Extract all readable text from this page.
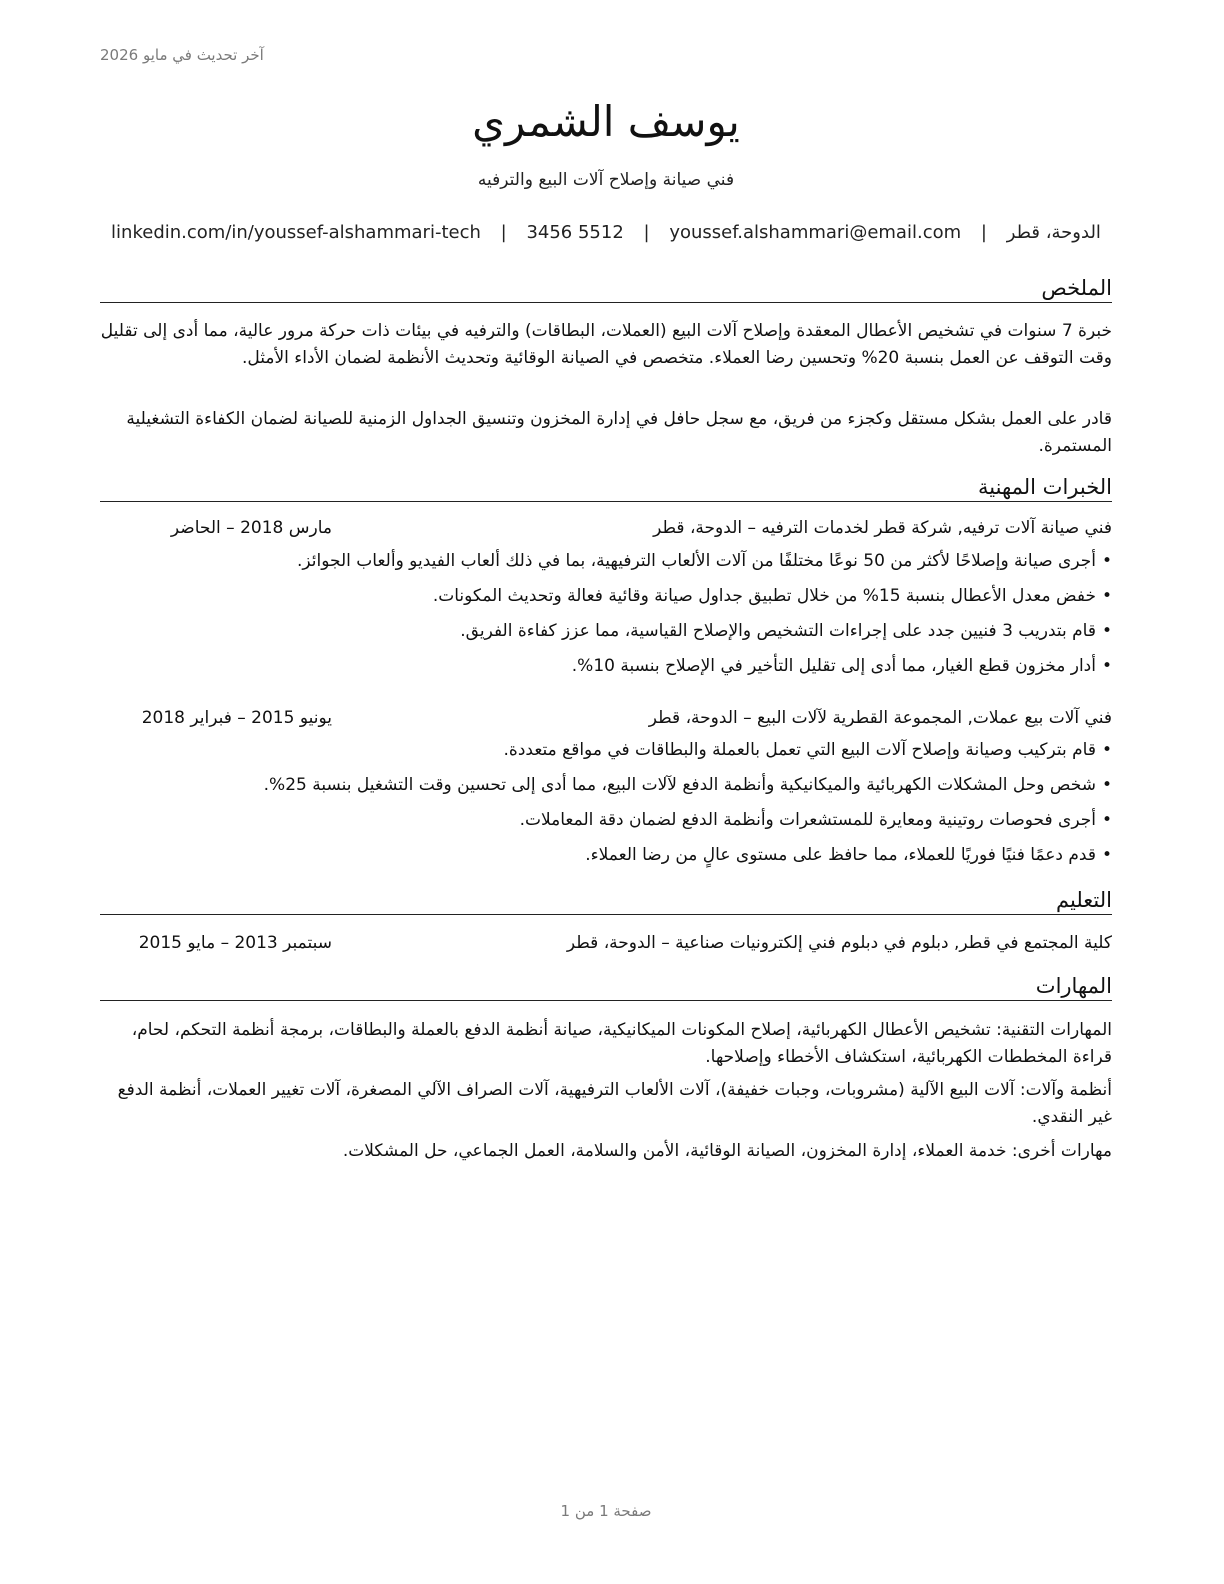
آخر تحديث في مايو 2026
يوسف الشمري
فني صيانة وإصلاح آلات البيع والترفيه
الدوحة، قطر | youssef.alshammari@email.com | 3456 5512 | linkedin.com/in/youssef-alshammari-tech
الملخص
خبرة 7 سنوات في تشخيص الأعطال المعقدة وإصلاح آلات البيع (العملات، البطاقات) والترفيه في بيئات ذات حركة مرور عالية، مما أدى إلى تقليل وقت التوقف عن العمل بنسبة 20% وتحسين رضا العملاء. متخصص في الصيانة الوقائية وتحديث الأنظمة لضمان الأداء الأمثل.
قادر على العمل بشكل مستقل وكجزء من فريق، مع سجل حافل في إدارة المخزون وتنسيق الجداول الزمنية للصيانة لضمان الكفاءة التشغيلية المستمرة.
الخبرات المهنية
فني صيانة آلات ترفيه, شركة قطر لخدمات الترفيه – الدوحة، قطر
مارس 2018 – الحاضر
•أجرى صيانة وإصلاحًا لأكثر من 50 نوعًا مختلفًا من آلات الألعاب الترفيهية، بما في ذلك ألعاب الفيديو وألعاب الجوائز.
•خفض معدل الأعطال بنسبة 15% من خلال تطبيق جداول صيانة وقائية فعالة وتحديث المكونات.
•قام بتدريب 3 فنيين جدد على إجراءات التشخيص والإصلاح القياسية، مما عزز كفاءة الفريق.
•أدار مخزون قطع الغيار، مما أدى إلى تقليل التأخير في الإصلاح بنسبة 10%.
فني آلات بيع عملات, المجموعة القطرية لآلات البيع – الدوحة، قطر
يونيو 2015 – فبراير 2018
•قام بتركيب وصيانة وإصلاح آلات البيع التي تعمل بالعملة والبطاقات في مواقع متعددة.
•شخص وحل المشكلات الكهربائية والميكانيكية وأنظمة الدفع لآلات البيع، مما أدى إلى تحسين وقت التشغيل بنسبة 25%.
•أجرى فحوصات روتينية ومعايرة للمستشعرات وأنظمة الدفع لضمان دقة المعاملات.
•قدم دعمًا فنيًا فوريًا للعملاء، مما حافظ على مستوى عالٍ من رضا العملاء.
التعليم
كلية المجتمع في قطر, دبلوم في دبلوم فني إلكترونيات صناعية – الدوحة، قطر
سبتمبر 2013 – مايو 2015
المهارات
المهارات التقنية: تشخيص الأعطال الكهربائية، إصلاح المكونات الميكانيكية، صيانة أنظمة الدفع بالعملة والبطاقات، برمجة أنظمة التحكم، لحام، قراءة المخططات الكهربائية، استكشاف الأخطاء وإصلاحها.
أنظمة وآلات: آلات البيع الآلية (مشروبات، وجبات خفيفة)، آلات الألعاب الترفيهية، آلات الصراف الآلي المصغرة، آلات تغيير العملات، أنظمة الدفع غير النقدي.
مهارات أخرى: خدمة العملاء، إدارة المخزون، الصيانة الوقائية، الأمن والسلامة، العمل الجماعي، حل المشكلات.
صفحة 1 من 1
